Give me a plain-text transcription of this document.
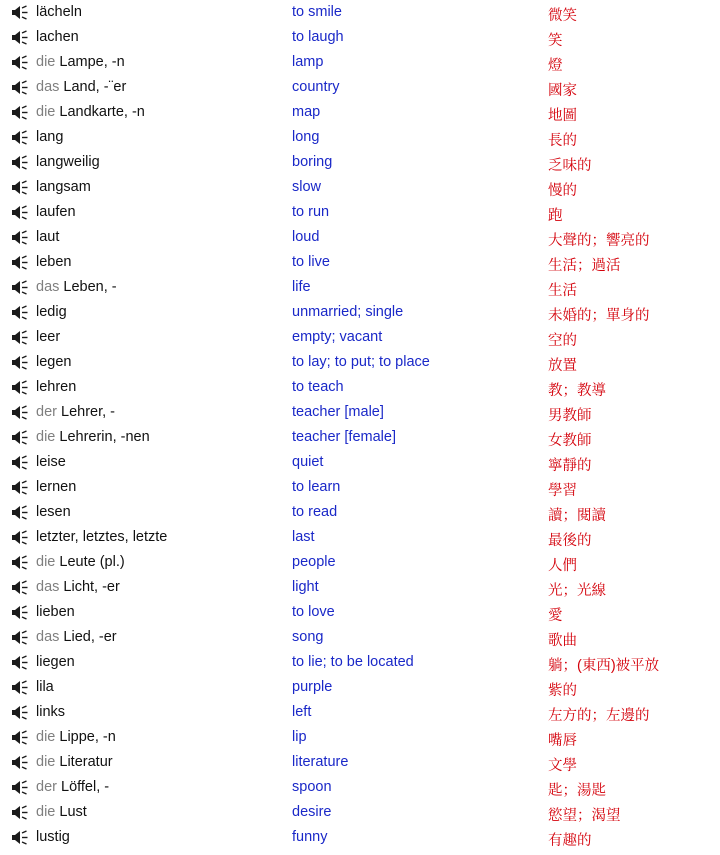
lächeln	to smile	微笑
lachen	to laugh	笑
die Lampe, -n	lamp	燈
das Land, -¨er	country	國家
die Landkarte, -n	map	地圖
lang	long	長的
langweilig	boring	乏味的
langsam	slow	慢的
laufen	to run	跑
laut	loud	大聲的；響亮的
leben	to live	生活；過活
das Leben, -	life	生活
ledig	unmarried; single	未婚的；單身的
leer	empty; vacant	空的
legen	to lay; to put; to place	放置
lehren	to teach	教；教導
der Lehrer, -	teacher [male]	男教師
die Lehrerin, -nen	teacher [female]	女教師
leise	quiet	寧靜的
lernen	to learn	學習
lesen	to read	讀；閱讀
letzter, letztes, letzte	last	最後的
die Leute (pl.)	people	人們
das Licht, -er	light	光；光線
lieben	to love	愛
das Lied, -er	song	歌曲
liegen	to lie; to be located	躺；(東西)被平放
lila	purple	紫的
links	left	左方的；左邊的
die Lippe, -n	lip	嘴唇
die Literatur	literature	文學
der Löffel, -	spoon	匙；湯匙
die Lust	desire	慾望；渴望
lustig	funny	有趣的
